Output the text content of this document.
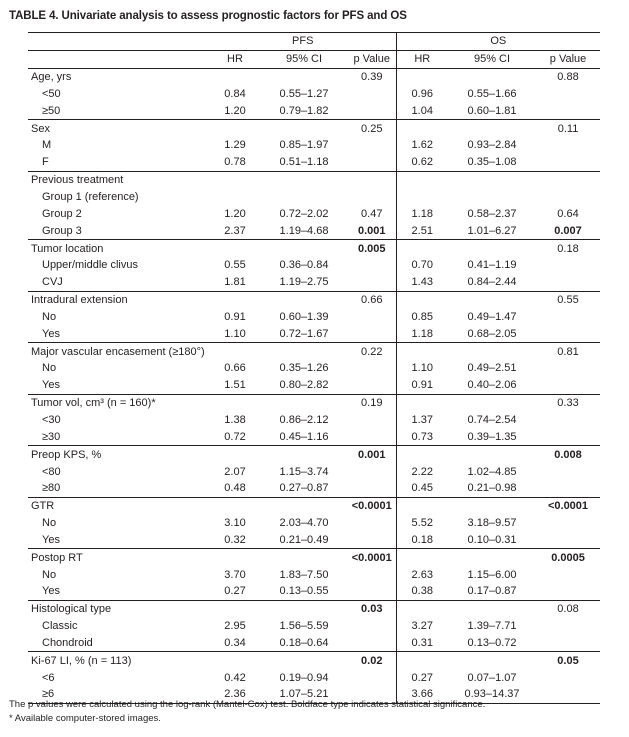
TABLE 4. Univariate analysis to assess prognostic factors for PFS and OS
	PFS			OS		
	HR	95% CI	p Value	HR	95% CI	p Value
Age, yrs			0.39			0.88
<50	0.84	0.55–1.27		0.96	0.55–1.66	
≥50	1.20	0.79–1.82		1.04	0.60–1.81	
Sex			0.25			0.11
M	1.29	0.85–1.97		1.62	0.93–2.84	
F	0.78	0.51–1.18		0.62	0.35–1.08	
Previous treatment						
Group 1 (reference)						
Group 2	1.20	0.72–2.02	0.47	1.18	0.58–2.37	0.64
Group 3	2.37	1.19–4.68	0.001	2.51	1.01–6.27	0.007
Tumor location			0.005			0.18
Upper/middle clivus	0.55	0.36–0.84		0.70	0.41–1.19	
CVJ	1.81	1.19–2.75		1.43	0.84–2.44	
Intradural extension			0.66			0.55
No	0.91	0.60–1.39		0.85	0.49–1.47	
Yes	1.10	0.72–1.67		1.18	0.68–2.05	
Major vascular encasement (≥180°)			0.22			0.81
No	0.66	0.35–1.26		1.10	0.49–2.51	
Yes	1.51	0.80–2.82		0.91	0.40–2.06	
Tumor vol, cm³ (n = 160)*			0.19			0.33
<30	1.38	0.86–2.12		1.37	0.74–2.54	
≥30	0.72	0.45–1.16		0.73	0.39–1.35	
Preop KPS, %			0.001			0.008
<80	2.07	1.15–3.74		2.22	1.02–4.85	
≥80	0.48	0.27–0.87		0.45	0.21–0.98	
GTR			<0.0001			<0.0001
No	3.10	2.03–4.70		5.52	3.18–9.57	
Yes	0.32	0.21–0.49		0.18	0.10–0.31	
Postop RT			<0.0001			0.0005
No	3.70	1.83–7.50		2.63	1.15–6.00	
Yes	0.27	0.13–0.55		0.38	0.17–0.87	
Histological type			0.03			0.08
Classic	2.95	1.56–5.59		3.27	1.39–7.71	
Chondroid	0.34	0.18–0.64		0.31	0.13–0.72	
Ki-67 LI, % (n = 113)			0.02			0.05
<6	0.42	0.19–0.94		0.27	0.07–1.07	
≥6	2.36	1.07–5.21		3.66	0.93–14.37	
The p values were calculated using the log-rank (Mantel-Cox) test. Boldface type indicates statistical significance.
* Available computer-stored images.
